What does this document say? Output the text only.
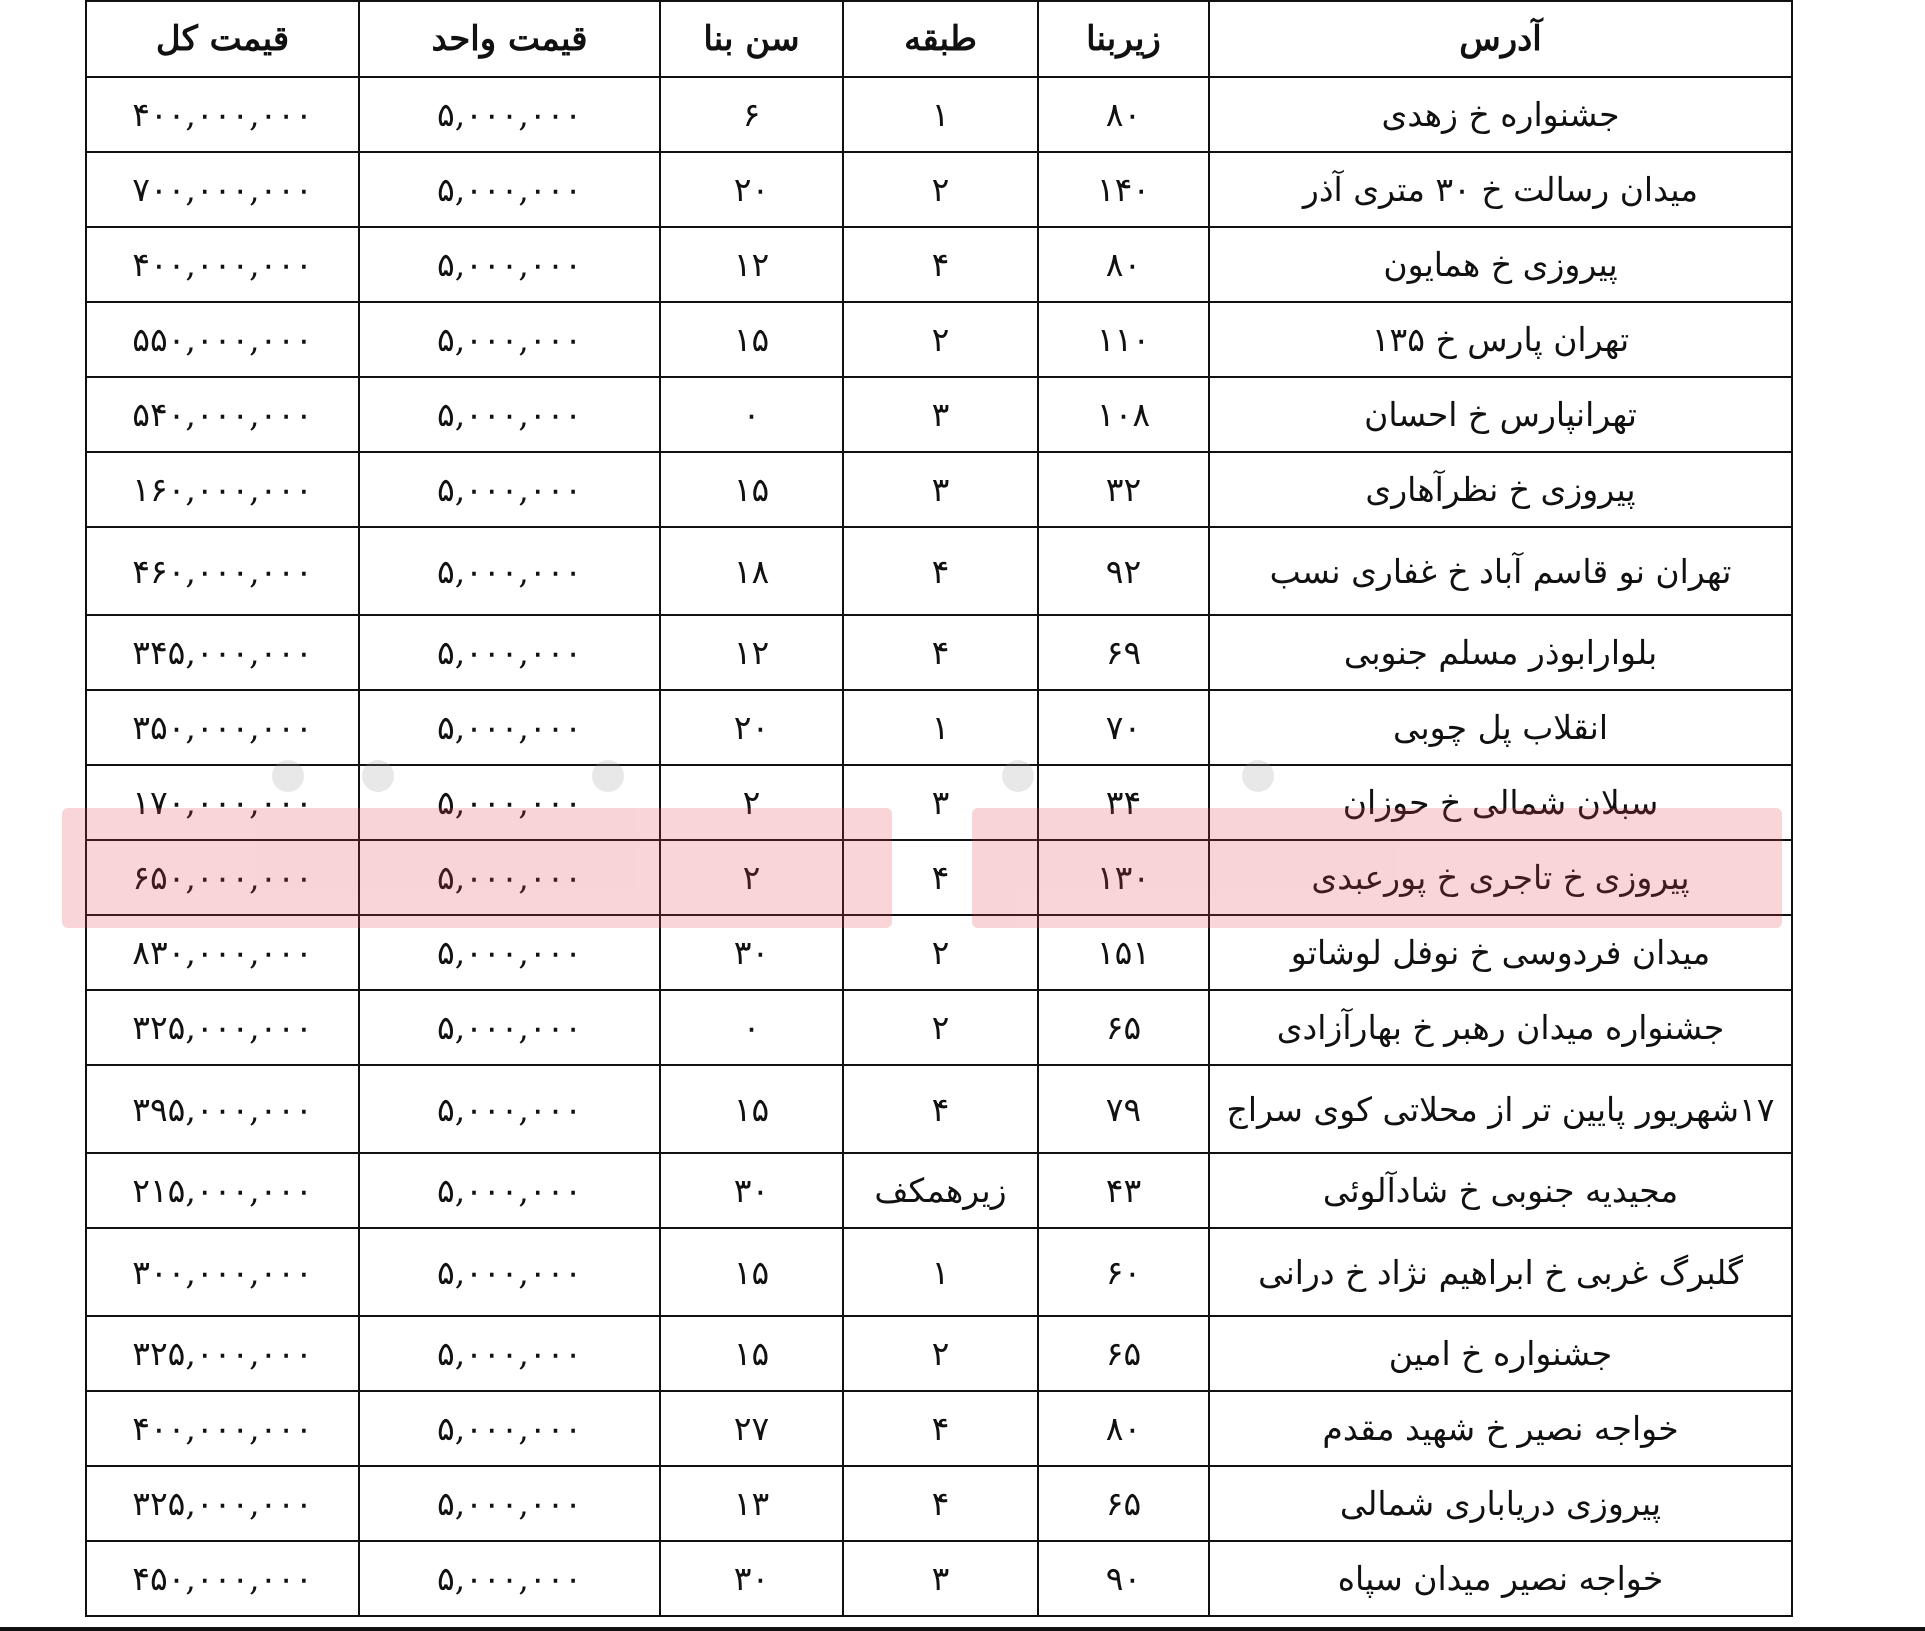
آدرس	زیربنا	طبقه	سن بنا	قیمت واحد	قیمت کل
جشنواره خ زهدی	۸۰	۱	۶	۵,۰۰۰,۰۰۰	۴۰۰,۰۰۰,۰۰۰
میدان رسالت خ ۳۰ متری آذر	۱۴۰	۲	۲۰	۵,۰۰۰,۰۰۰	۷۰۰,۰۰۰,۰۰۰
پیروزی خ همایون	۸۰	۴	۱۲	۵,۰۰۰,۰۰۰	۴۰۰,۰۰۰,۰۰۰
تهران پارس خ ۱۳۵	۱۱۰	۲	۱۵	۵,۰۰۰,۰۰۰	۵۵۰,۰۰۰,۰۰۰
تهرانپارس خ احسان	۱۰۸	۳	۰	۵,۰۰۰,۰۰۰	۵۴۰,۰۰۰,۰۰۰
پیروزی خ نظرآهاری	۳۲	۳	۱۵	۵,۰۰۰,۰۰۰	۱۶۰,۰۰۰,۰۰۰
تهران نو قاسم آباد خ غفاری نسب	۹۲	۴	۱۸	۵,۰۰۰,۰۰۰	۴۶۰,۰۰۰,۰۰۰
بلوارابوذر مسلم جنوبی	۶۹	۴	۱۲	۵,۰۰۰,۰۰۰	۳۴۵,۰۰۰,۰۰۰
انقلاب پل چوبی	۷۰	۱	۲۰	۵,۰۰۰,۰۰۰	۳۵۰,۰۰۰,۰۰۰
سبلان شمالی خ حوزان	۳۴	۳	۲	۵,۰۰۰,۰۰۰	۱۷۰,۰۰۰,۰۰۰
پیروزی خ تاجری خ پورعبدی	۱۳۰	۴	۲	۵,۰۰۰,۰۰۰	۶۵۰,۰۰۰,۰۰۰
میدان فردوسی خ نوفل لوشاتو	۱۵۱	۲	۳۰	۵,۰۰۰,۰۰۰	۸۳۰,۰۰۰,۰۰۰
جشنواره میدان رهبر خ بهارآزادی	۶۵	۲	۰	۵,۰۰۰,۰۰۰	۳۲۵,۰۰۰,۰۰۰
۱۷شهریور پایین تر از محلاتی کوی سراج	۷۹	۴	۱۵	۵,۰۰۰,۰۰۰	۳۹۵,۰۰۰,۰۰۰
مجیدیه جنوبی خ شادآلوئی	۴۳	زیرهمکف	۳۰	۵,۰۰۰,۰۰۰	۲۱۵,۰۰۰,۰۰۰
گلبرگ غربی خ ابراهیم نژاد خ درانی	۶۰	۱	۱۵	۵,۰۰۰,۰۰۰	۳۰۰,۰۰۰,۰۰۰
جشنواره خ امین	۶۵	۲	۱۵	۵,۰۰۰,۰۰۰	۳۲۵,۰۰۰,۰۰۰
خواجه نصیر خ شهید مقدم	۸۰	۴	۲۷	۵,۰۰۰,۰۰۰	۴۰۰,۰۰۰,۰۰۰
پیروزی دریاباری شمالی	۶۵	۴	۱۳	۵,۰۰۰,۰۰۰	۳۲۵,۰۰۰,۰۰۰
خواجه نصیر میدان سپاه	۹۰	۳	۳۰	۵,۰۰۰,۰۰۰	۴۵۰,۰۰۰,۰۰۰
